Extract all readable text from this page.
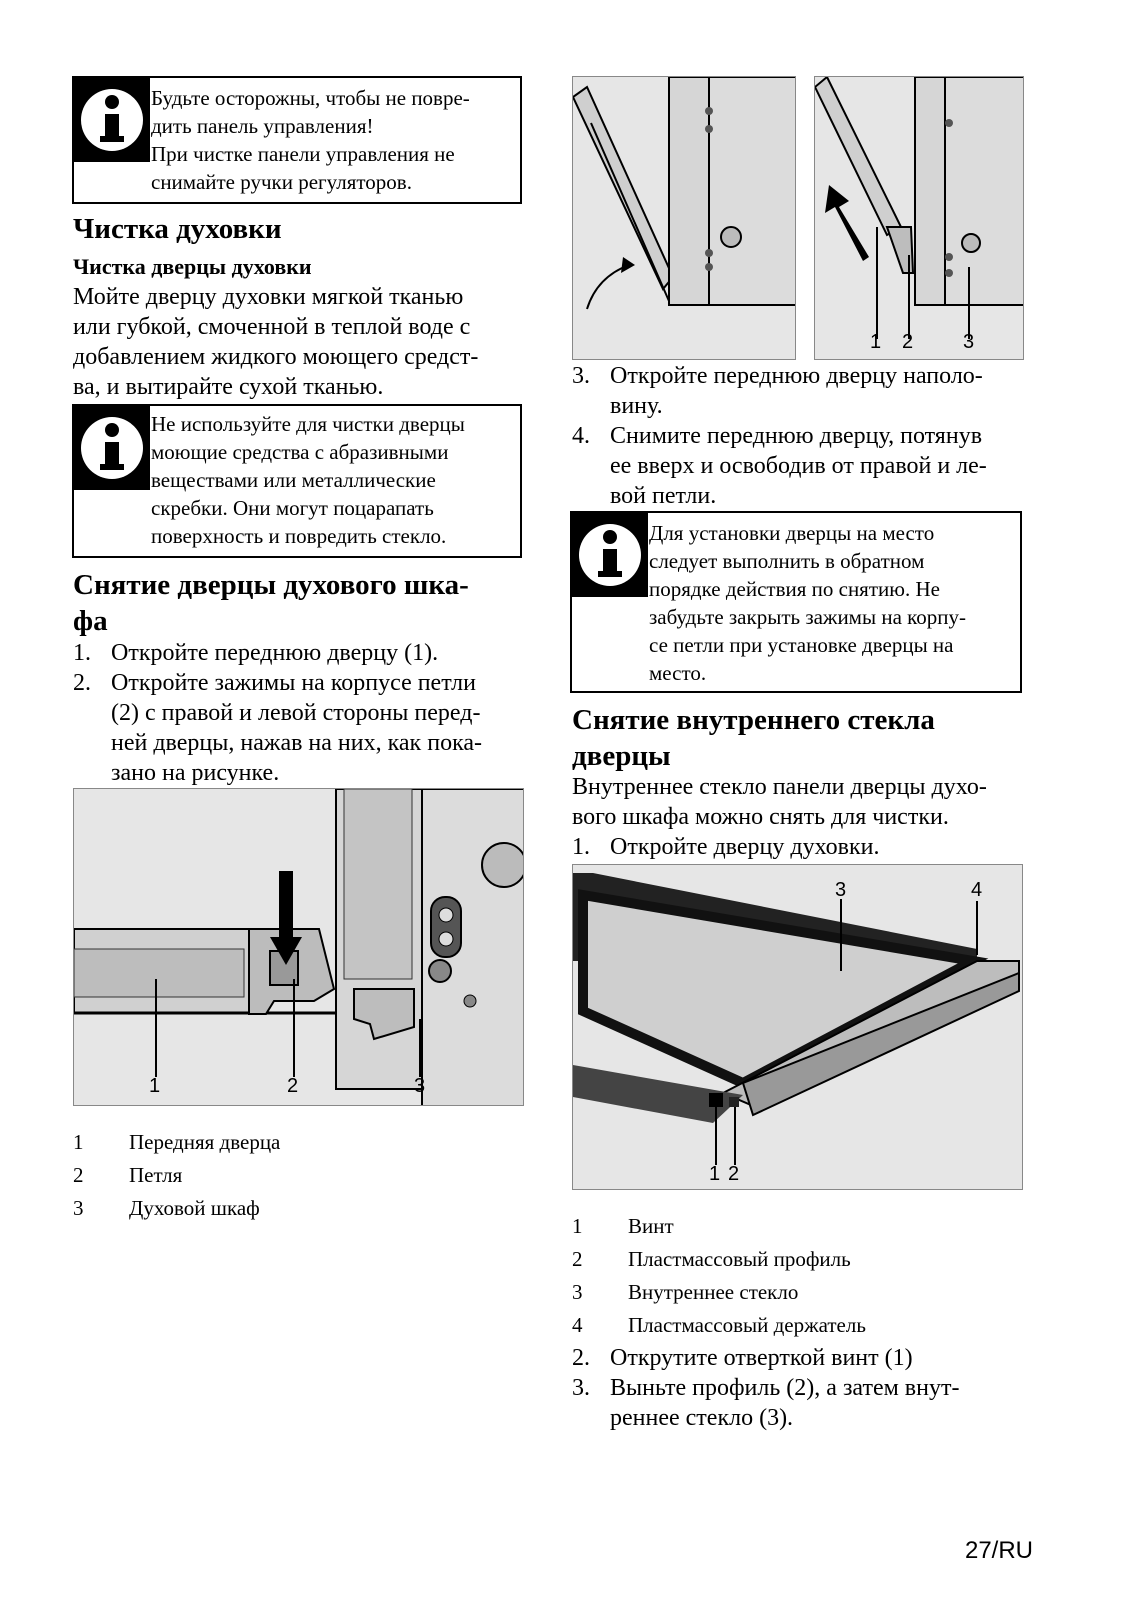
Будьте осторожны, чтобы не повре-
дить панель управления!
При чистке панели управления не
снимайте ручки регуляторов.
Чистка духовки
Чистка дверцы духовки
Мойте дверцу духовки мягкой тканью
или губкой, смоченной в теплой воде с
добавлением жидкого моющего средст-
ва, и вытирайте сухой тканью.
Не используйте для чистки дверцы
моющие средства с абразивными
веществами или металлические
скребки. Они могут поцарапать
поверхность и повредить стекло.
Снятие дверцы духового шка-
фа
1. Откройте переднюю дверцу (1).
2. Откройте зажимы на корпусе петли
(2) с правой и левой стороны перед-
ней дверцы, нажав на них, как пока-
зано на рисунке.
1	2	3
1 Передняя дверца
2 Петля
3 Духовой шкаф
1 2 3
3. Откройте переднюю дверцу наполо-
вину.
4. Снимите переднюю дверцу, потянув
ее вверх и освободив от правой и ле-
вой петли.
Для установки дверцы на место
следует выполнить в обратном
порядке действия по снятию. Не
забудьте закрыть зажимы на корпу-
се петли при установке дверцы на
место.
Снятие внутреннего стекла
дверцы
Внутреннее стекло панели дверцы духо-
вого шкафа можно снять для чистки.
1. Откройте дверцу духовки.
3	4
1 2
1 Винт
2 Пластмассовый профиль
3 Внутреннее стекло
4 Пластмассовый держатель
2. Открутите отверткой винт (1)
3. Выньте профиль (2), а затем внут-
реннее стекло (3).
27/RU
